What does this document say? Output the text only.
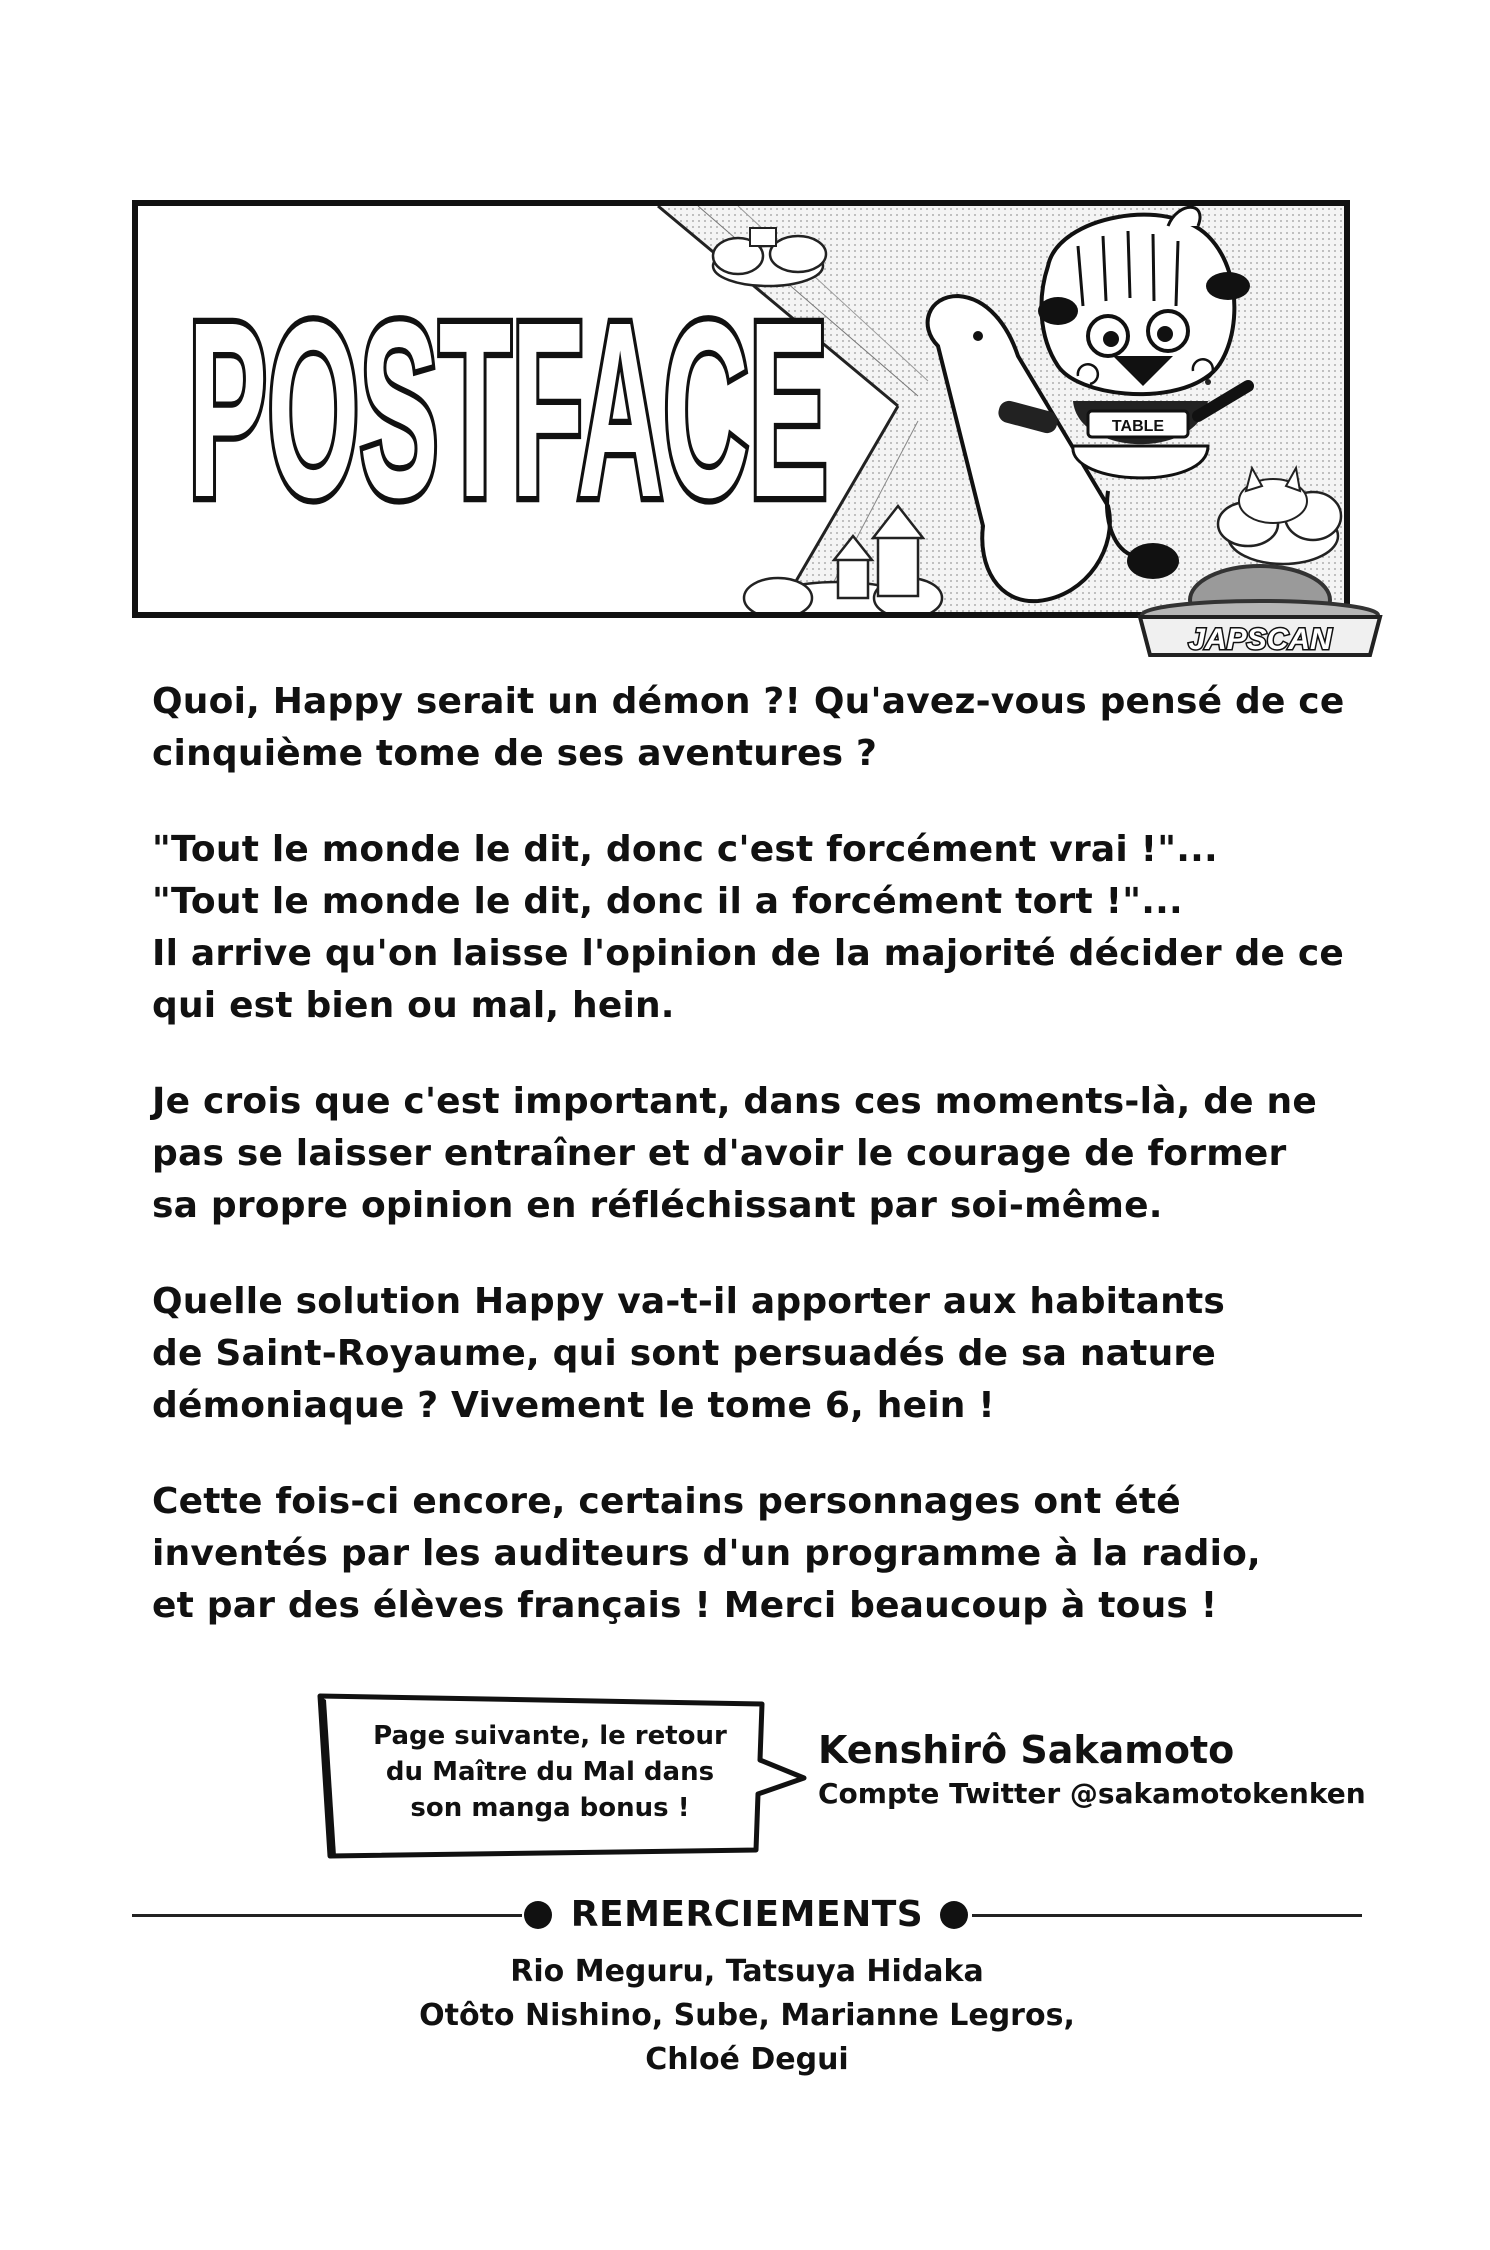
POSTFACE	TABLE
JAPSCAN

Quoi, Happy serait un démon ?! Qu'avez-vous pensé de ce
cinquième tome de ses aventures ?

"Tout le monde le dit, donc c'est forcément vrai !"...
"Tout le monde le dit, donc il a forcément tort !"...
Il arrive qu'on laisse l'opinion de la majorité décider de ce
qui est bien ou mal, hein.

Je crois que c'est important, dans ces moments-là, de ne
pas se laisser entraîner et d'avoir le courage de former
sa propre opinion en réfléchissant par soi-même.

Quelle solution Happy va-t-il apporter aux habitants
de Saint-Royaume, qui sont persuadés de sa nature
démoniaque ? Vivement le tome 6, hein !

Cette fois-ci encore, certains personnages ont été
inventés par les auditeurs d'un programme à la radio,
et par des élèves français ! Merci beaucoup à tous !

Page suivante, le retour
du Maître du Mal dans
son manga bonus !
Kenshirô Sakamoto
Compte Twitter @sakamotokenken
REMERCIEMENTS
Rio Meguru, Tatsuya Hidaka
Otôto Nishino, Sube, Marianne Legros,
Chloé Degui
